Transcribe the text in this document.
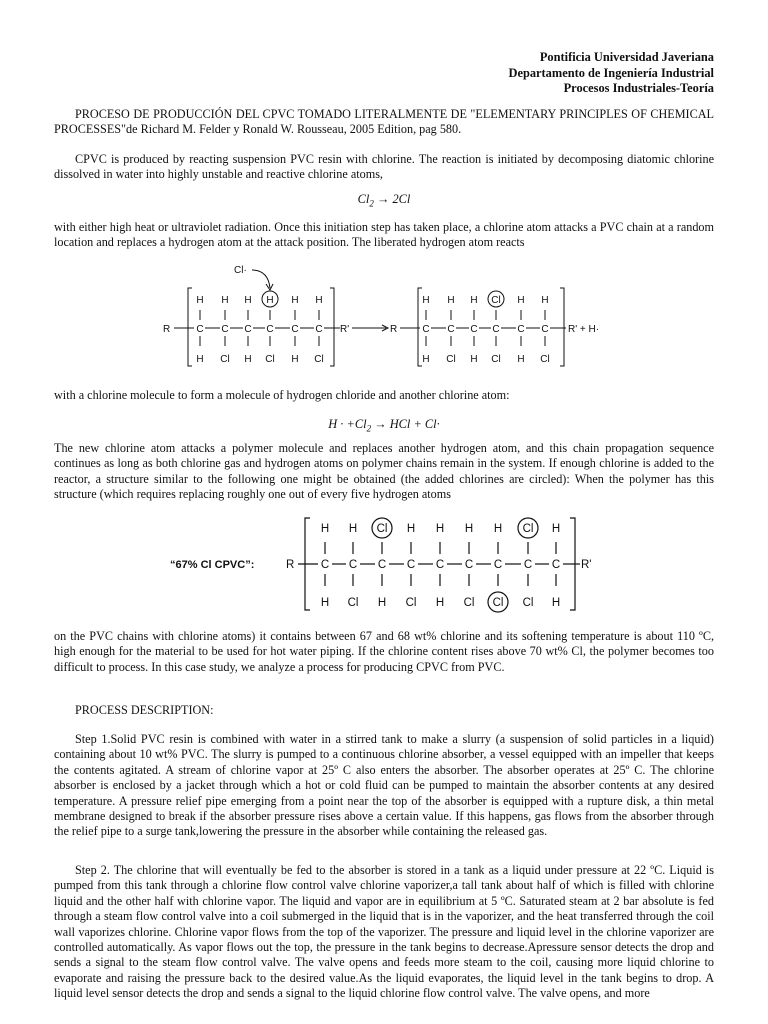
Pontificia Universidad Javeriana
Departamento de Ingeniería Industrial
Procesos Industriales-Teoría

PROCESO DE PRODUCCIÓN DEL CPVC TOMADO LITERALMENTE DE "ELEMENTARY PRINCIPLES OF CHEMICAL PROCESSES"de Richard M. Felder y Ronald W. Rousseau, 2005 Edition, pag 580.

CPVC is produced by reacting suspension PVC resin with chlorine. The reaction is initiated by decomposing diatomic chlorine dissolved in water into highly unstable and reactive chlorine atoms,

$Cl_2 \to 2Cl$

with either high heat or ultraviolet radiation. Once this initiation step has taken place, a chlorine atom attacks a PVC chain at a random location and replaces a hydrogen atom at the attack position. The liberated hydrogen atom reacts

Cl·
R	R'	R	R' + H·
H H H H H H
C C C C C C
H Cl H Cl H Cl
H H H Cl H H
C C C C C C
H Cl H Cl H Cl

with a chlorine molecule to form a molecule of hydrogen chloride and another chlorine atom:

$H \cdot +Cl_2$ → HCl + Cl·

The new chlorine atom attacks a polymer molecule and replaces another hydrogen atom, and this chain propagation sequence continues as long as both chlorine gas and hydrogen atoms on polymer chains remain in the system. If enough chlorine is added to the reactor, a structure similar to the following one might be obtained (the added chlorines are circled): When the polymer has this structure (which requires replacing roughly one out of every five hydrogen atoms

“67% Cl CPVC”:	R	R'
H H Cl H H H H Cl H
C C C C C C C C C
H Cl H Cl H Cl Cl Cl H

on the PVC chains with chlorine atoms) it contains between 67 and 68 wt% chlorine and its softening temperature is about 110 ºC, high enough for the material to be used for hot water piping. If the chlorine content rises above 70 wt% Cl, the polymer becomes too difficult to process. In this case study, we analyze a process for producing CPVC from PVC.

PROCESS DESCRIPTION:

Step 1.Solid PVC resin is combined with water in a stirred tank to make a slurry (a suspension of solid particles in a liquid) containing about 10 wt% PVC. The slurry is pumped to a continuous chlorine absorber, a vessel equipped with an impeller that keeps the contents agitated. A stream of chlorine vapor at 25º C also enters the absorber. The absorber operates at 25º C. The chlorine absorber is enclosed by a jacket through which a hot or cold fluid can be pumped to maintain the absorber contents at any desired temperature. A pressure relief pipe emerging from a point near the top of the absorber is equipped with a rupture disk, a thin metal membrane designed to break if the absorber pressure rises above a certain value. If this happens, gas flows from the absorber through the relief pipe to a surge tank,lowering the pressure in the absorber while containing the released gas.

Step 2. The chlorine that will eventually be fed to the absorber is stored in a tank as a liquid under pressure at 22 ºC. Liquid is pumped from this tank through a chlorine flow control valve chlorine vaporizer,a tall tank about half of which is filled with chlorine liquid and the other half with chlorine vapor. The liquid and vapor are in equilibrium at 5 ºC. Saturated steam at 2 bar absolute is fed through a steam flow control valve into a coil submerged in the liquid that is in the vaporizer, and the heat transferred through the coil wall vaporizes chlorine. Chlorine vapor flows from the top of the vaporizer. The pressure and liquid level in the chlorine vaporizer are controlled automatically. As vapor flows out the top, the pressure in the tank begins to decrease.Apressure sensor detects the drop and sends a signal to the steam flow control valve. The valve opens and feeds more steam to the coil, causing more liquid chlorine to evaporate and raising the pressure back to the desired value.As the liquid evaporates, the liquid level in the tank begins to drop. A liquid level sensor detects the drop and sends a signal to the liquid chlorine flow control valve. The valve opens, and more
